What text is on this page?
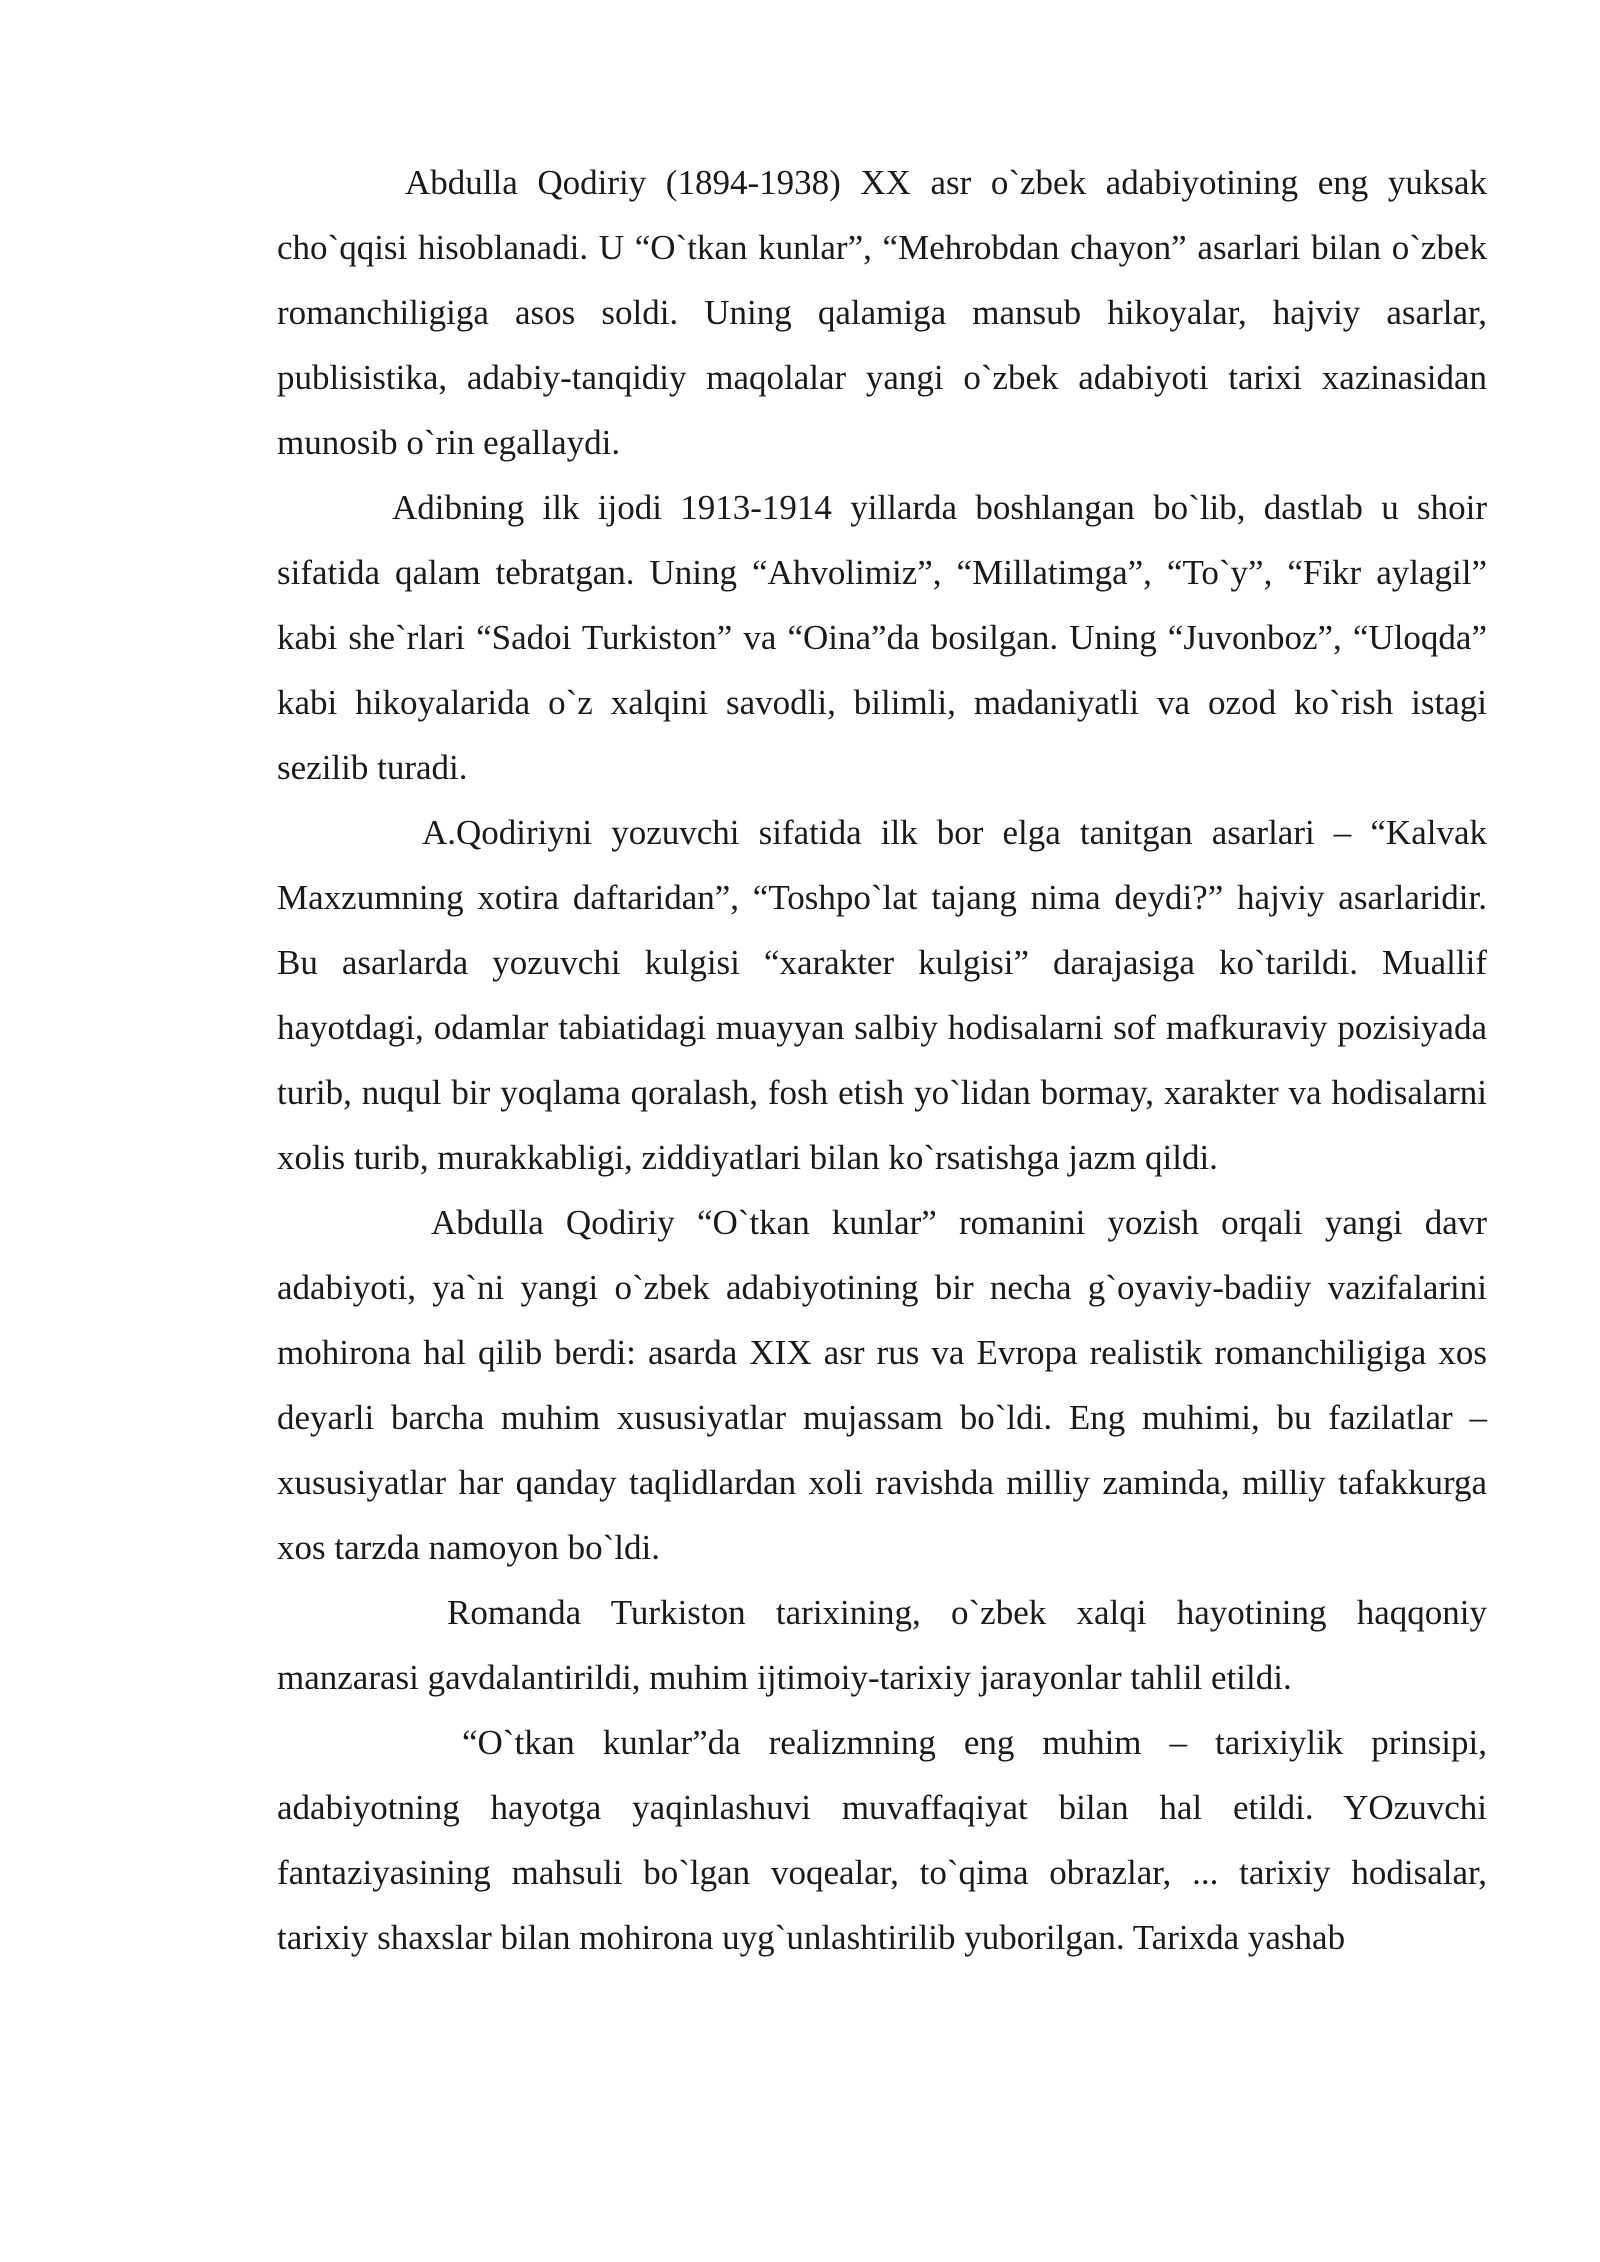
Abdulla Qodiriy (1894-1938) XX asr o`zbek adabiyotining eng yuksak cho`qqisi hisoblanadi. U “O`tkan kunlar”, “Mehrobdan chayon” asarlari bilan o`zbek romanchiligiga asos soldi. Uning qalamiga mansub hikoyalar, hajviy asarlar, publisistika, adabiy-tanqidiy maqolalar yangi o`zbek adabiyoti tarixi xazinasidan munosib o`rin egallaydi.

Adibning ilk ijodi 1913-1914 yillarda boshlangan bo`lib, dastlab u shoir sifatida qalam tebratgan. Uning “Ahvolimiz”, “Millatimga”, “To`y”, “Fikr aylagil” kabi she`rlari “Sadoi Turkiston” va “Oina”da bosilgan. Uning “Juvonboz”, “Uloqda” kabi hikoyalarida o`z xalqini savodli, bilimli, madaniyatli va ozod ko`rish istagi sezilib turadi.

A.Qodiriyni yozuvchi sifatida ilk bor elga tanitgan asarlari – “Kalvak Maxzumning xotira daftaridan”, “Toshpo`lat tajang nima deydi?” hajviy asarlaridir. Bu asarlarda yozuvchi kulgisi “xarakter kulgisi” darajasiga ko`tarildi. Muallif hayotdagi, odamlar tabiatidagi muayyan salbiy hodisalarni sof mafkuraviy pozisiyada turib, nuqul bir yoqlama qoralash, fosh etish yo`lidan bormay, xarakter va hodisalarni xolis turib, murakkabligi, ziddiyatlari bilan ko`rsatishga jazm qildi.

Abdulla Qodiriy “O`tkan kunlar” romanini yozish orqali yangi davr adabiyoti, ya`ni yangi o`zbek adabiyotining bir necha g`oyaviy-badiiy vazifalarini mohirona hal qilib berdi: asarda XIX asr rus va Evropa realistik romanchiligiga xos deyarli barcha muhim xususiyatlar mujassam bo`ldi. Eng muhimi, bu fazilatlar – xususiyatlar har qanday taqlidlardan xoli ravishda milliy zaminda, milliy tafakkurga xos tarzda namoyon bo`ldi.

Romanda Turkiston tarixining, o`zbek xalqi hayotining haqqoniy manzarasi gavdalantirildi, muhim ijtimoiy-tarixiy jarayonlar tahlil etildi.

“O`tkan kunlar”da realizmning eng muhim – tarixiylik prinsipi, adabiyotning hayotga yaqinlashuvi muvaffaqiyat bilan hal etildi. YOzuvchi fantaziyasining mahsuli bo`lgan voqealar, to`qima obrazlar, ... tarixiy hodisalar, tarixiy shaxslar bilan mohirona uyg`unlashtirilib yuborilgan. Tarixda yashab
